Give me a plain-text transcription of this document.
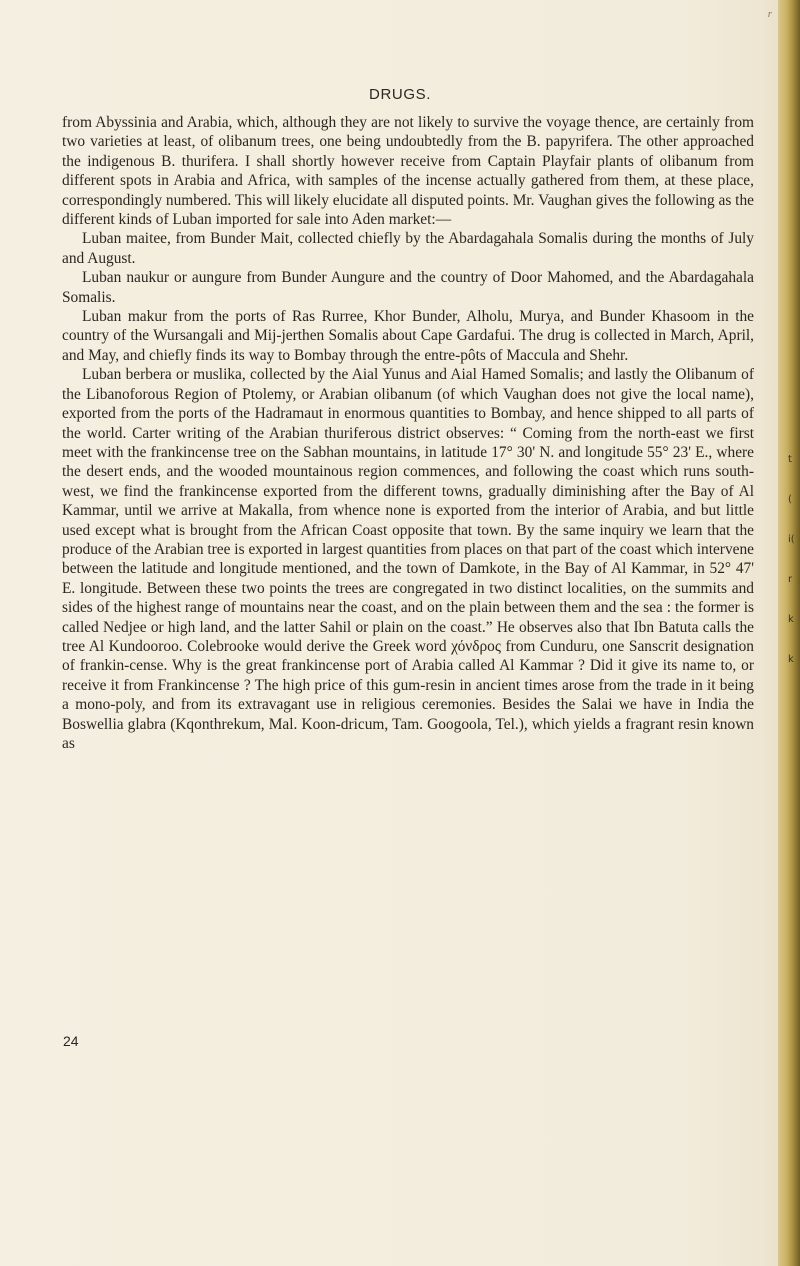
r
DRUGS.

from Abyssinia and Arabia, which, although they are not likely to survive the voyage thence, are certainly from two varieties at least, of olibanum trees, one being undoubtedly from the B. papyrifera. The other approached the indigenous B. thurifera. I shall shortly however receive from Captain Playfair plants of olibanum from different spots in Arabia and Africa, with samples of the incense actually gathered from them, at these place, correspondingly numbered. This will likely elucidate all disputed points. Mr. Vaughan gives the following as the different kinds of Luban imported for sale into Aden market:—

Luban maitee, from Bunder Mait, collected chiefly by the Abardagahala Somalis during the months of July and August.

Luban naukur or aungure from Bunder Aungure and the country of Door Mahomed, and the Abardagahala Somalis.

Luban makur from the ports of Ras Rurree, Khor Bunder, Alholu, Murya, and Bunder Khasoom in the country of the Wursangali and Mij-jerthen Somalis about Cape Gardafui. The drug is collected in March, April, and May, and chiefly finds its way to Bombay through the entre-pôts of Maccula and Shehr.

Luban berbera or muslika, collected by the Aial Yunus and Aial Hamed Somalis; and lastly the Olibanum of the Libanoforous Region of Ptolemy, or Arabian olibanum (of which Vaughan does not give the local name), exported from the ports of the Hadramaut in enormous quantities to Bombay, and hence shipped to all parts of the world. Carter writing of the Arabian thuriferous district observes: “ Coming from the north-east we first meet with the frankincense tree on the Sabhan mountains, in latitude 17° 30' N. and longitude 55° 23' E., where the desert ends, and the wooded mountainous region commences, and following the coast which runs south-west, we find the frankincense exported from the different towns, gradually diminishing after the Bay of Al Kammar, until we arrive at Makalla, from whence none is exported from the interior of Arabia, and but little used except what is brought from the African Coast opposite that town. By the same inquiry we learn that the produce of the Arabian tree is exported in largest quantities from places on that part of the coast which intervene between the latitude and longitude mentioned, and the town of Damkote, in the Bay of Al Kammar, in 52° 47' E. longitude. Between these two points the trees are congregated in two distinct localities, on the summits and sides of the highest range of mountains near the coast, and on the plain between them and the sea : the former is called Nedjee or high land, and the latter Sahil or plain on the coast.” He observes also that Ibn Batuta calls the tree Al Kundooroo. Colebrooke would derive the Greek word χόνδρος from Cunduru, one Sanscrit designation of frankin-cense. Why is the great frankincense port of Arabia called Al Kammar ? Did it give its name to, or receive it from Frankincense ? The high price of this gum-resin in ancient times arose from the trade in it being a mono-poly, and from its extravagant use in religious ceremonies. Besides the Salai we have in India the Boswellia glabra (Kqonthrekum, Mal. Koon-dricum, Tam. Googoola, Tel.), which yields a fragrant resin known as

24
t
(
i(
r
k
k
